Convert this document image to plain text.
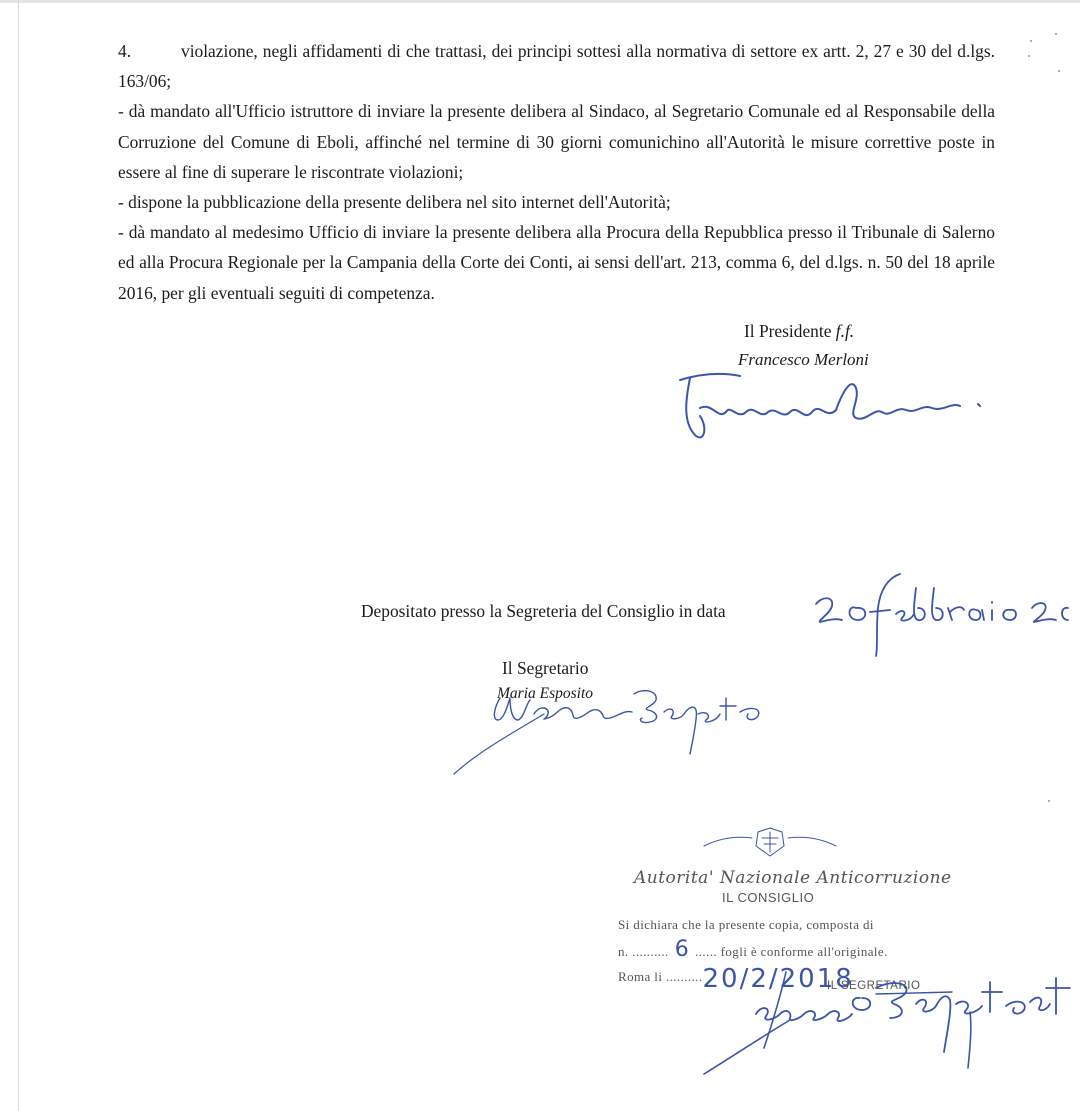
4.	violazione, negli affidamenti di che trattasi, dei principi sottesi alla normativa di settore ex artt. 2, 27 e 30 del d.lgs. 163/06;

- dà mandato all'Ufficio istruttore di inviare la presente delibera al Sindaco, al Segretario Comunale ed al Responsabile della Corruzione del Comune di Eboli, affinché nel termine di 30 giorni comunichino all'Autorità le misure correttive poste in essere al fine di superare le riscontrate violazioni;

- dispone la pubblicazione della presente delibera nel sito internet dell'Autorità;

- dà mandato al medesimo Ufficio di inviare la presente delibera alla Procura della Repubblica presso il Tribunale di Salerno ed alla Procura Regionale per la Campania della Corte dei Conti, ai sensi dell'art. 213, comma 6, del d.lgs. n. 50 del 18 aprile 2016, per gli eventuali seguiti di competenza.

Il Presidente f.f.
Francesco Merloni
Depositato presso la Segreteria del Consiglio in data
Il Segretario
Maria Esposito
Autorita' Nazionale Anticorruzione
IL CONSIGLIO
Si dichiara che la presente copia, composta di
n. .......... 6 ...... fogli è conforme all'originale.
Roma li ..........20/2/2018
IL SEGRETARIO
